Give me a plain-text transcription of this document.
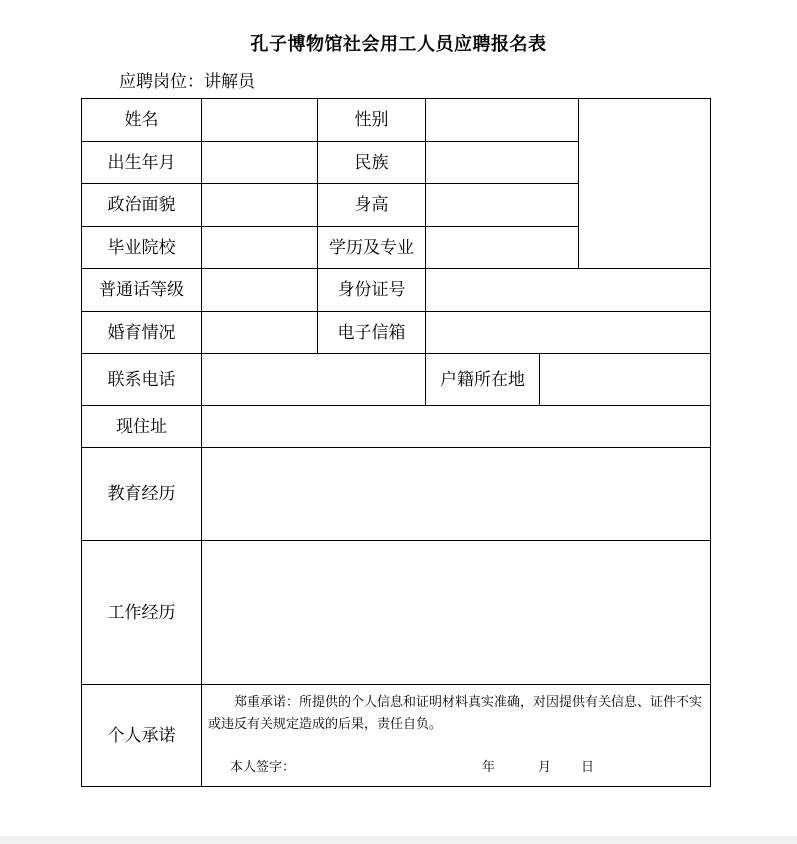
孔子博物馆社会用工人员应聘报名表
应聘岗位：讲解员
姓名	性别
出生年月	民族
政治面貌	身高
毕业院校	学历及专业
普通话等级	身份证号
婚育情况	电子信箱
联系电话	户籍所在地
现住址
教育经历
工作经历
个人承诺

郑重承诺：所提供的个人信息和证明材料真实准确，对因提供有关信息、证件不实或违反有关规定造成的后果，责任自负。

本人签字：	年	月 日
